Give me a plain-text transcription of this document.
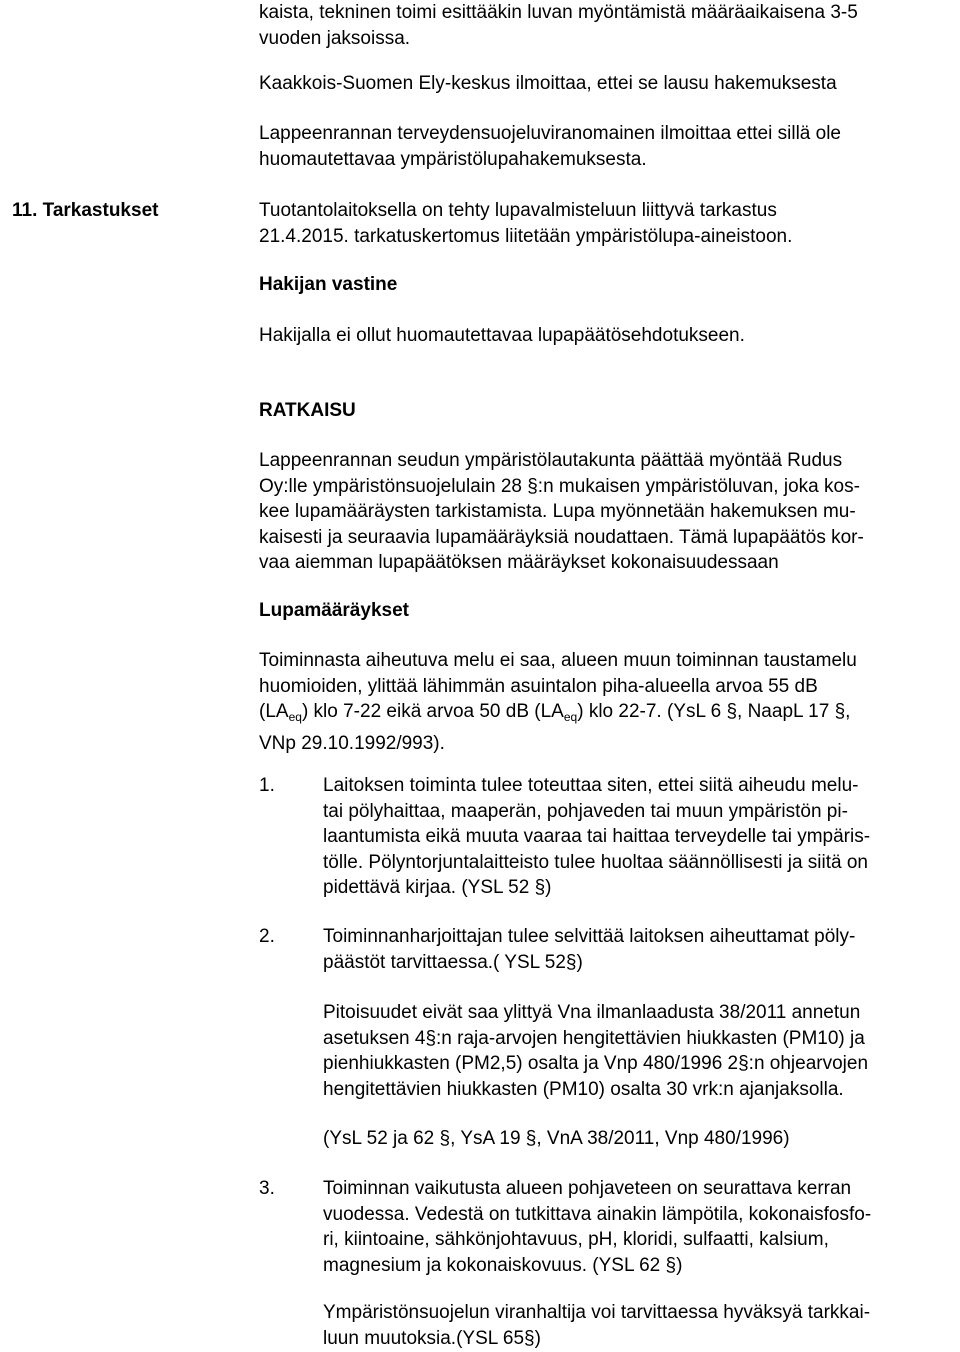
kaista, tekninen toimi esittääkin luvan myöntämistä määräaikaisena 3-5
vuoden jaksoissa.

Kaakkois-Suomen Ely-keskus ilmoittaa, ettei se lausu hakemuksesta

Lappeenrannan terveydensuojeluviranomainen ilmoittaa ettei sillä ole
huomautettavaa ympäristölupahakemuksesta.

11. Tarkastukset	Tuotantolaitoksella on tehty lupavalmisteluun liittyvä tarkastus
21.4.2015. tarkatuskertomus liitetään ympäristölupa-aineistoon.

Hakijan vastine

Hakijalla ei ollut huomautettavaa lupapäätösehdotukseen.

RATKAISU

Lappeenrannan seudun ympäristölautakunta päättää myöntää Rudus
Oy:lle ympäristönsuojelulain 28 §:n mukaisen ympäristöluvan, joka kos-
kee lupamääräysten tarkistamista. Lupa myönnetään hakemuksen mu-
kaisesti ja seuraavia lupamääräyksiä noudattaen. Tämä lupapäätös kor-
vaa aiemman lupapäätöksen määräykset kokonaisuudessaan

Lupamääräykset

Toiminnasta aiheutuva melu ei saa, alueen muun toiminnan taustamelu
huomioiden, ylittää lähimmän asuintalon piha-alueella arvoa 55 dB
$(LA_{eq})$ klo 7-22 eikä arvoa 50 dB $(LA_{eq})$ klo 22-7. (YsL 6 §, NaapL 17 §,
VNp 29.10.1992/993).

1.	Laitoksen toiminta tulee toteuttaa siten, ettei siitä aiheudu melu-
tai pölyhaittaa, maaperän, pohjaveden tai muun ympäristön pi-
laantumista eikä muuta vaaraa tai haittaa terveydelle tai ympäris-
tölle. Pölyntorjuntalaitteisto tulee huoltaa säännöllisesti ja siitä on
pidettävä kirjaa. (YSL 52 §)

2.	Toiminnanharjoittajan tulee selvittää laitoksen aiheuttamat pöly-
päästöt tarvittaessa.( YSL 52§)

Pitoisuudet eivät saa ylittyä Vna ilmanlaadusta 38/2011 annetun
asetuksen 4§:n raja-arvojen hengitettävien hiukkasten (PM10) ja
pienhiukkasten (PM2,5) osalta ja Vnp 480/1996 2§:n ohjearvojen
hengitettävien hiukkasten (PM10) osalta 30 vrk:n ajanjaksolla.

(YsL 52 ja 62 §, YsA 19 §, VnA 38/2011, Vnp 480/1996)

3.	Toiminnan vaikutusta alueen pohjaveteen on seurattava kerran
vuodessa. Vedestä on tutkittava ainakin lämpötila, kokonaisfosfo-
ri, kiintoaine, sähkönjohtavuus, pH, kloridi, sulfaatti, kalsium,
magnesium ja kokonaiskovuus. (YSL 62 §)

Ympäristönsuojelun viranhaltija voi tarvittaessa hyväksyä tarkkai-
luun muutoksia.(YSL 65§)
